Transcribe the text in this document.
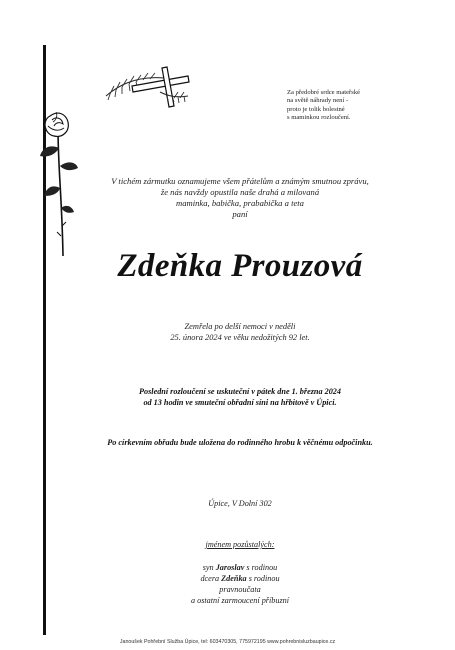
Za předobré srdce mateřské
na světě náhrady není -
proto je tolik bolestné
s maminkou rozloučení.
V tichém zármutku oznamujeme všem přátelům a známým smutnou zprávu,
že nás navždy opustila naše drahá a milovaná
maminka, babička, prababička a teta
paní
Zdeňka Prouzová
Zemřela po delší nemoci v neděli
25. února 2024 ve věku nedožitých 92 let.
Poslední rozloučení se uskuteční v pátek dne 1. března 2024
od 13 hodin ve smuteční obřadní síni na hřbitově v Úpici.
Po církevním obřadu bude uložena do rodinného hrobu k věčnému odpočinku.
Úpice, V Dolní 302
jménem pozůstalých:
syn Jaroslav s rodinou
dcera Zdeňka s rodinou
pravnoučata
a ostatní zarmoucení příbuzní
Janoušek Pohřební Služba Úpice, tel: 603470305, 775972195 www.pohrebnisluzbaupice.cz
